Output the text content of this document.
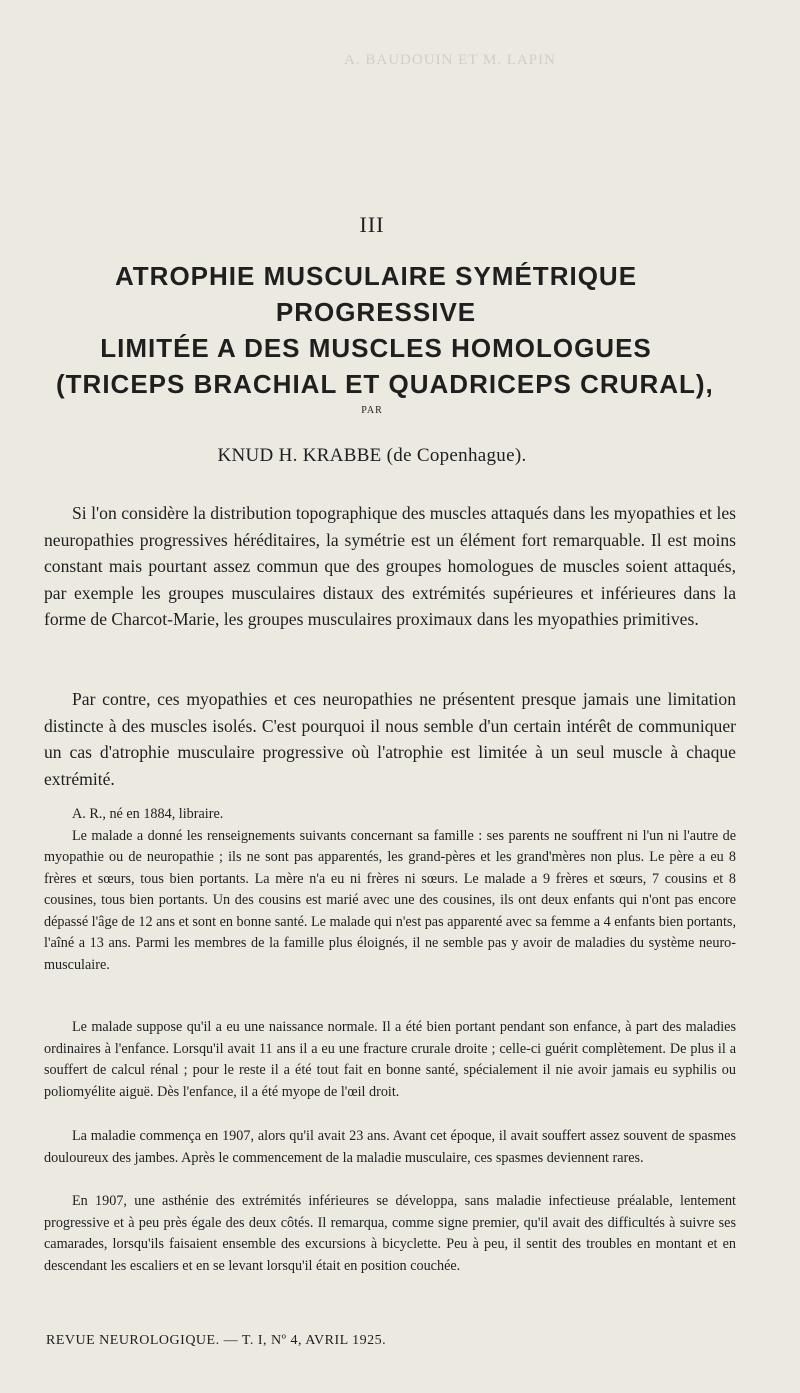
A. BAUDOUIN ET M. LAPIN
III
ATROPHIE MUSCULAIRE SYMÉTRIQUE
PROGRESSIVE
LIMITÉE A DES MUSCLES HOMOLOGUES
(TRICEPS BRACHIAL ET QUADRICEPS CRURAL),
PAR
KNUD H. KRABBE (de Copenhague).

Si l'on considère la distribution topographique des muscles attaqués dans les myopathies et les neuropathies progressives héréditaires, la symétrie est un élément fort remarquable. Il est moins constant mais pourtant assez commun que des groupes homologues de muscles soient attaqués, par exemple les groupes musculaires distaux des extrémités supérieures et inférieures dans la forme de Charcot-Marie, les groupes musculaires proximaux dans les myopathies primitives.

Par contre, ces myopathies et ces neuropathies ne présentent presque jamais une limitation distincte à des muscles isolés. C'est pourquoi il nous semble d'un certain intérêt de communiquer un cas d'atrophie musculaire progressive où l'atrophie est limitée à un seul muscle à chaque extrémité.

A. R., né en 1884, libraire.

Le malade a donné les renseignements suivants concernant sa famille : ses parents ne souffrent ni l'un ni l'autre de myopathie ou de neuropathie ; ils ne sont pas apparentés, les grand-pères et les grand'mères non plus. Le père a eu 8 frères et sœurs, tous bien portants. La mère n'a eu ni frères ni sœurs. Le malade a 9 frères et sœurs, 7 cousins et 8 cousines, tous bien portants. Un des cousins est marié avec une des cousines, ils ont deux enfants qui n'ont pas encore dépassé l'âge de 12 ans et sont en bonne santé. Le malade qui n'est pas apparenté avec sa femme a 4 enfants bien portants, l'aîné a 13 ans. Parmi les membres de la famille plus éloignés, il ne semble pas y avoir de maladies du système neuro-musculaire.

Le malade suppose qu'il a eu une naissance normale. Il a été bien portant pendant son enfance, à part des maladies ordinaires à l'enfance. Lorsqu'il avait 11 ans il a eu une fracture crurale droite ; celle-ci guérit complètement. De plus il a souffert de calcul rénal ; pour le reste il a été tout fait en bonne santé, spécialement il nie avoir jamais eu syphilis ou poliomyélite aiguë. Dès l'enfance, il a été myope de l'œil droit.

La maladie commença en 1907, alors qu'il avait 23 ans. Avant cet époque, il avait souffert assez souvent de spasmes douloureux des jambes. Après le commencement de la maladie musculaire, ces spasmes deviennent rares.

En 1907, une asthénie des extrémités inférieures se développa, sans maladie infectieuse préalable, lentement progressive et à peu près égale des deux côtés. Il remarqua, comme signe premier, qu'il avait des difficultés à suivre ses camarades, lorsqu'ils faisaient ensemble des excursions à bicyclette. Peu à peu, il sentit des troubles en montant et en descendant les escaliers et en se levant lorsqu'il était en position couchée.

REVUE NEUROLOGIQUE. — T. I, Nº 4, AVRIL 1925.
